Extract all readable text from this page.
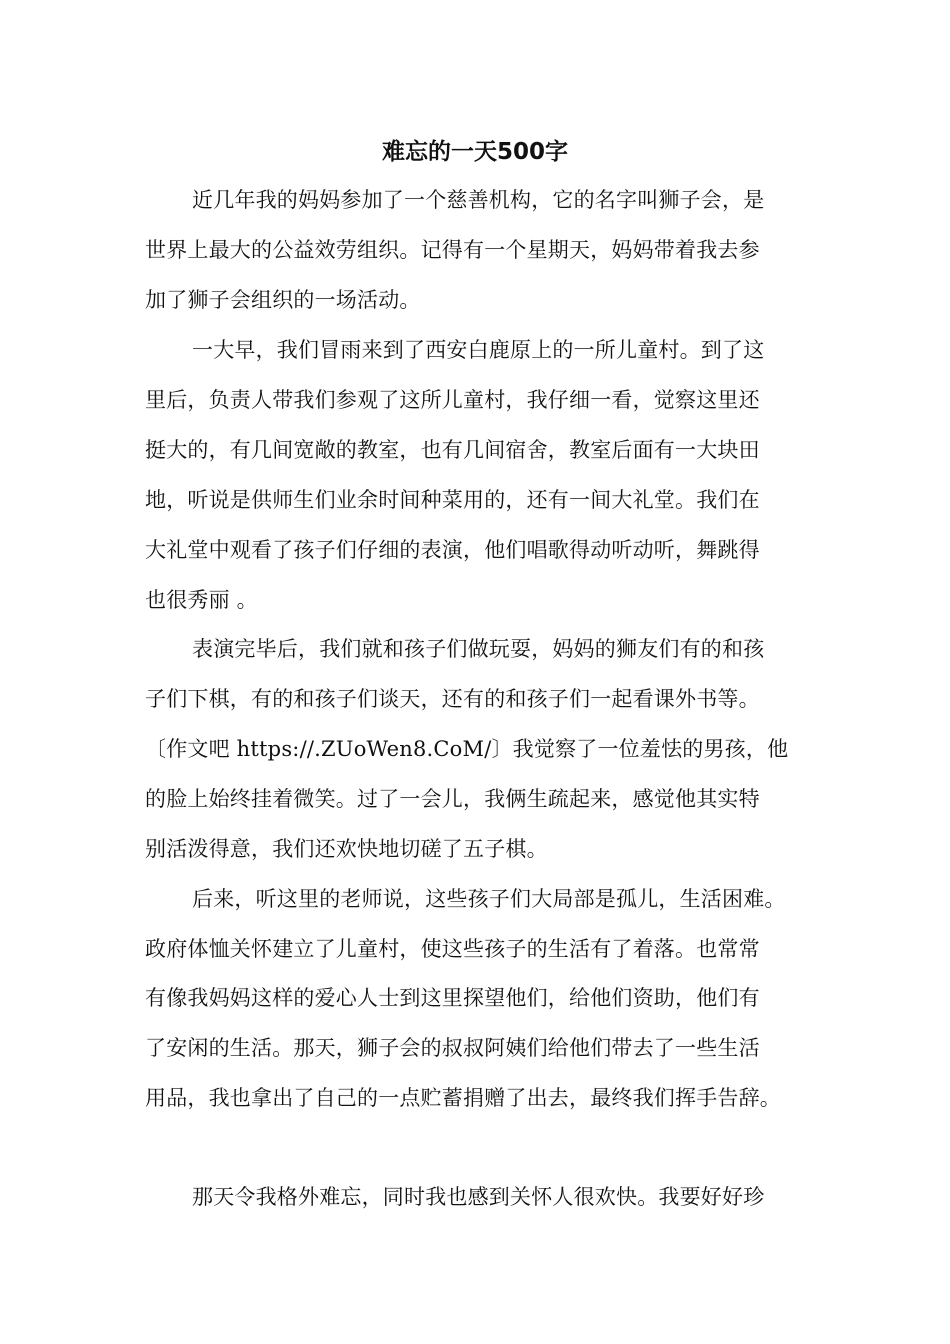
难忘的一天500字
近几年我的妈妈参加了一个慈善机构，它的名字叫狮子会，是
世界上最大的公益效劳组织。记得有一个星期天，妈妈带着我去参
加了狮子会组织的一场活动。
一大早，我们冒雨来到了西安白鹿原上的一所儿童村。到了这
里后，负责人带我们参观了这所儿童村，我仔细一看，觉察这里还
挺大的，有几间宽敞的教室，也有几间宿舍，教室后面有一大块田
地，听说是供师生们业余时间种菜用的，还有一间大礼堂。我们在
大礼堂中观看了孩子们仔细的表演，他们唱歌得动听动听，舞跳得
也很秀丽 。
表演完毕后，我们就和孩子们做玩耍，妈妈的狮友们有的和孩
子们下棋，有的和孩子们谈天，还有的和孩子们一起看课外书等。
〔作文吧 https://.ZUoWen8.CoM/〕我觉察了一位羞怯的男孩，他
的脸上始终挂着微笑。过了一会儿，我俩生疏起来，感觉他其实特
别活泼得意，我们还欢快地切磋了五子棋。
后来，听这里的老师说，这些孩子们大局部是孤儿，生活困难。
政府体恤关怀建立了儿童村，使这些孩子的生活有了着落。也常常
有像我妈妈这样的爱心人士到这里探望他们，给他们资助，他们有
了安闲的生活。那天，狮子会的叔叔阿姨们给他们带去了一些生活
用品，我也拿出了自己的一点贮蓄捐赠了出去，最终我们挥手告辞。
那天令我格外难忘，同时我也感到关怀人很欢快。我要好好珍
